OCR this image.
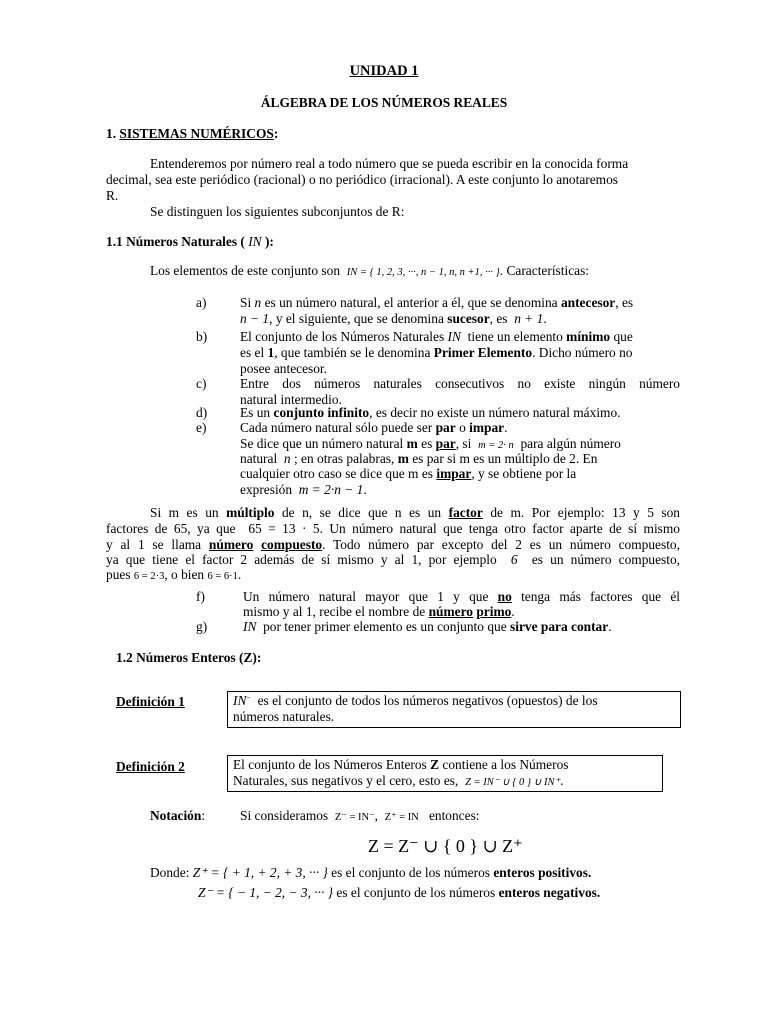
UNIDAD 1
ÁLGEBRA DE LOS NÚMEROS REALES
1. SISTEMAS NUMÉRICOS:
Entenderemos por número real a todo número que se pueda escribir en la conocida forma
decimal, sea este periódico (racional) o no periódico (irracional). A este conjunto lo anotaremos
R.
Se distinguen los siguientes subconjuntos de R:
1.1 Números Naturales ( IN ):
Los elementos de este conjunto son IN = { 1, 2, 3, ···, n − 1, n, n +1, ··· }. Características:
a)	Si n es un número natural, el anterior a él, que se denomina antecesor, es
n − 1, y el siguiente, que se denomina sucesor, es n + 1.
b) El conjunto de los Números Naturales IN tiene un elemento mínimo que
es el 1, que también se le denomina Primer Elemento. Dicho número no
posee antecesor.
c)	Entre dos números naturales consecutivos no existe ningún número
natural intermedio.
d) Es un conjunto infinito, es decir no existe un número natural máximo.
e)	Cada número natural sólo puede ser par o impar.
Se dice que un número natural m es par, si m = 2· n para algún número
natural n ; en otras palabras, m es par si m es un múltiplo de 2. En
cualquier otro caso se dice que m es impar, y se obtiene por la
expresión m = 2·n − 1.
Si m es un múltiplo de n, se dice que n es un factor de m. Por ejemplo: 13 y 5 son
factores de 65, ya que 65 = 13 · 5. Un número natural que tenga otro factor aparte de sí mismo
y al 1 se llama número compuesto. Todo número par excepto del 2 es un número compuesto,
ya que tiene el factor 2 además de sí mismo y al 1, por ejemplo 6 es un número compuesto,
pues 6 = 2·3, o bien 6 = 6·1.
f)	Un número natural mayor que 1 y que no tenga más factores que él
mismo y al 1, recibe el nombre de número primo.
g)	IN por tener primer elemento es un conjunto que sirve para contar.
1.2 Números Enteros (Z):
Definición 1	IN− es el conjunto de todos los números negativos (opuestos) de los
números naturales.
Definición 2	El conjunto de los Números Enteros Z contiene a los Números
Naturales, sus negativos y el cero, esto es, Z = IN⁻ ∪ { 0 } ∪ IN⁺.
Notación:	Si consideramos Z⁻ = IN⁻, Z⁺ = IN entonces:
Z = Z⁻ ∪ { 0 } ∪ Z⁺
Donde: Z⁺ = { + 1, + 2, + 3, ··· } es el conjunto de los números enteros positivos.
Z⁻ = { − 1, − 2, − 3, ··· } es el conjunto de los números enteros negativos.
